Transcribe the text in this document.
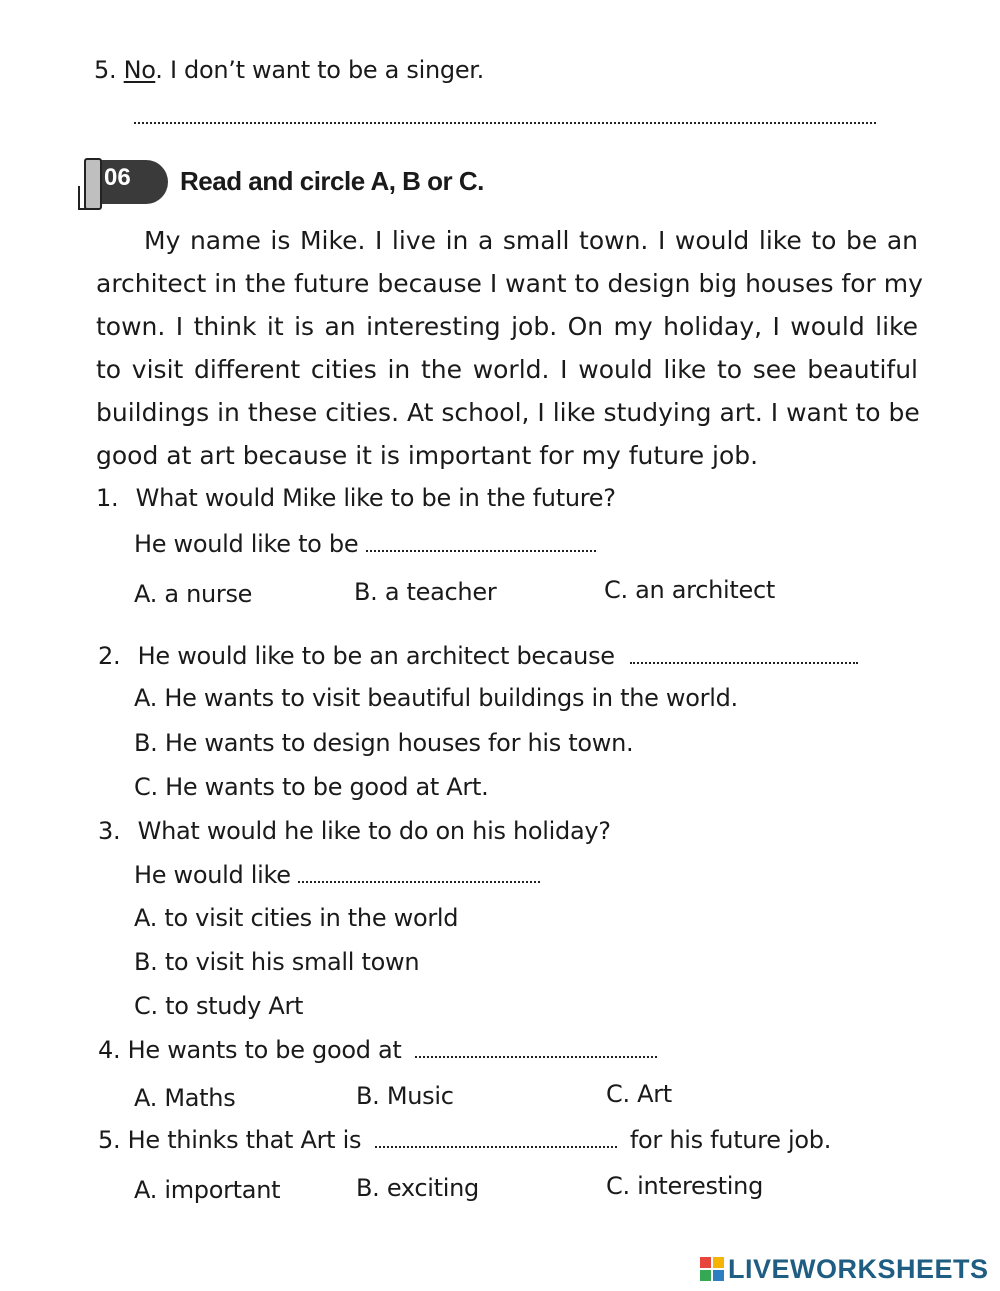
5. No. I don’t want to be a singer.
06 Read and circle A, B or C.
My name is Mike. I live in a small town. I would like to be an
architect in the future because I want to design big houses for my
town. I think it is an interesting job. On my holiday, I would like
to visit different cities in the world. I would like to see beautiful
buildings in these cities. At school, I like studying art. I want to be
good at art because it is important for my future job.
1. What would Mike like to be in the future?
He would like to be
A. a nurse	B. a teacher	C. an architect
2. He would like to be an architect because
A. He wants to visit beautiful buildings in the world.
B. He wants to design houses for his town.
C. He wants to be good at Art.
3. What would he like to do on his holiday?
He would like
A. to visit cities in the world
B. to visit his small town
C. to study Art
4. He wants to be good at
A. Maths	B. Music	C. Art
5. He thinks that Art is	for his future job.
A. important	B. exciting	C. interesting
LIVEWORKSHEETS
